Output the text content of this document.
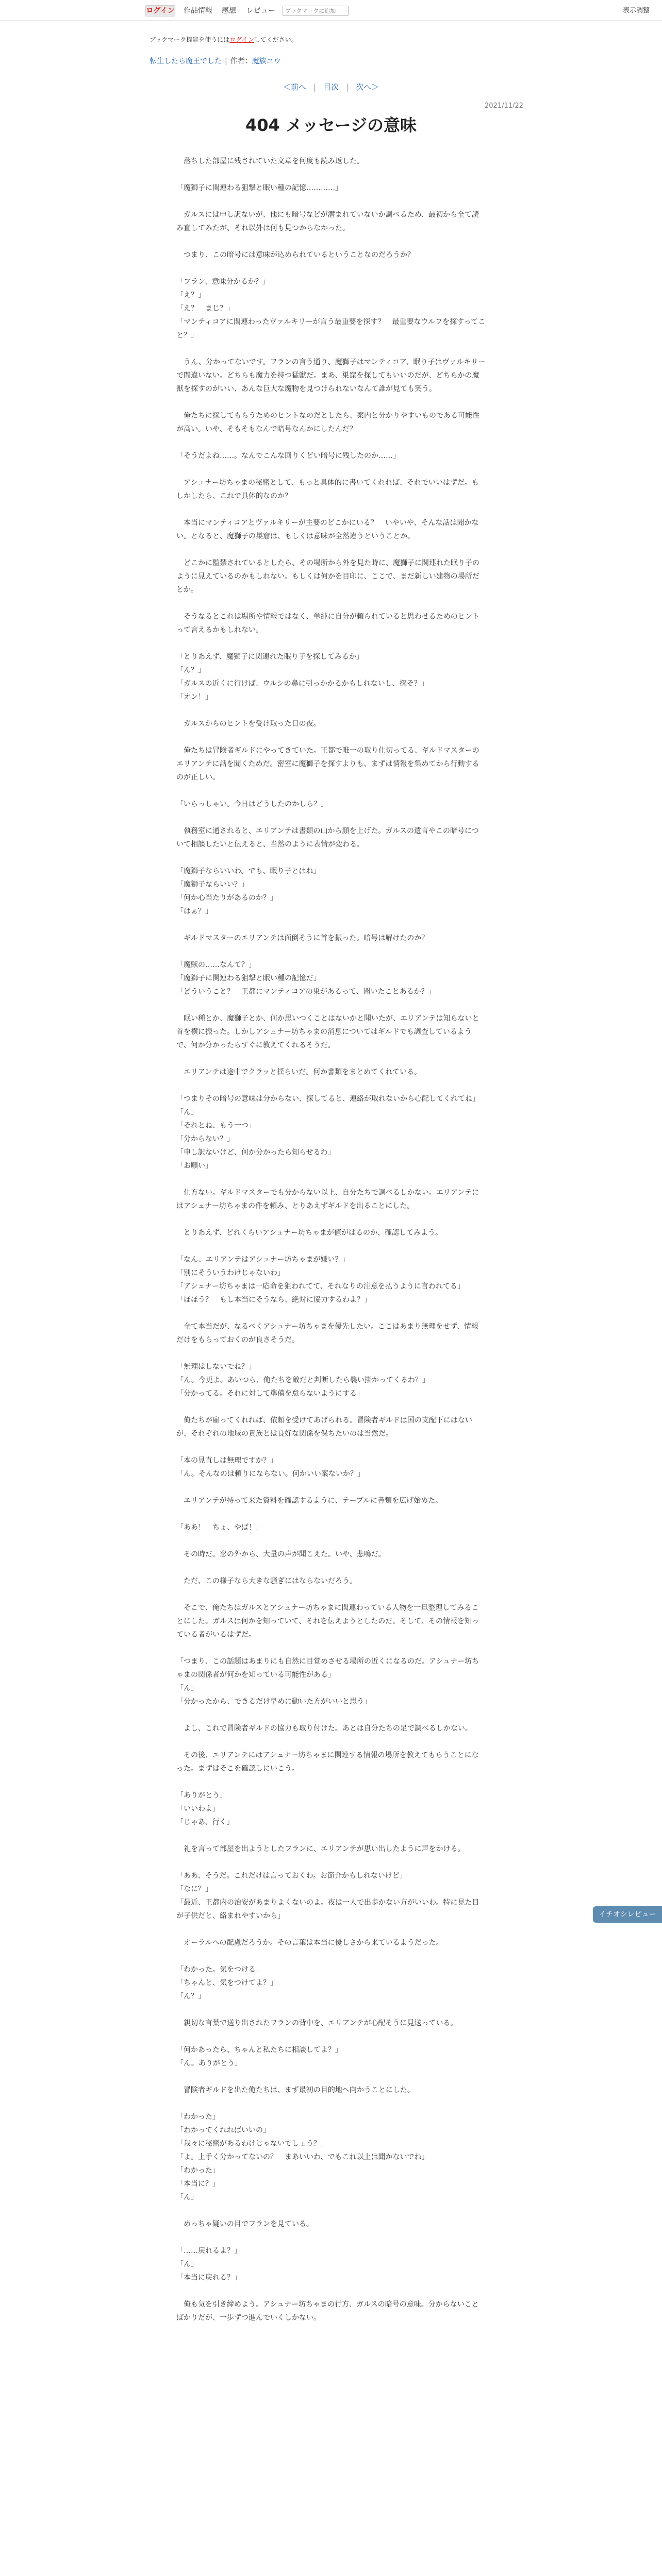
ログイン 作品情報 感想 レビュー
ブックマークに追加	表示調整
ブックマーク機能を使うにはログインしてください。
転生したら魔王でした | 作者：魔族ユウ
＜前へ | 目次 | 次へ＞
2021/11/22
404 メッセージの意味

　落ちした部屋に残されていた文章を何度も読み返した。

「魔獅子に関連わる狙撃と眠い種の記憶…………」

　ガルスには申し訳ないが、他にも暗号などが潜まれていないか調べるため、最初から全て読み直してみたが、それ以外は何も見つからなかった。

　つまり、この暗号には意味が込められているということなのだろうか？

「フラン、意味分かるか？」
「え？」
「え？　まじ？」
「マンティコアに関連わったヴァルキリーが言う最重要を探す？　最重要なウルフを探すってこと？」

　うん、分かってないです。フランの言う通り、魔獅子はマンティコア、眠り子はヴァルキリーで間違いない。どちらも魔力を持つ猛獣だ。まあ、巣窟を探してもいいのだが、どちらかの魔獣を探すのがいい、あんな巨大な魔物を見つけられないなんて誰が見ても笑う。

　俺たちに探してもらうためのヒントなのだとしたら、案内と分かりやすいものである可能性が高い。いや、そもそもなんで暗号なんかにしたんだ？

「そうだよね……。なんでこんな回りくどい暗号に残したのか……」

　アシュナー坊ちゃまの秘密として、もっと具体的に書いてくれれば、それでいいはずだ。もしかしたら、これで具体的なのか？

　本当にマンティコアとヴァルキリーが主要のどこかにいる？　いやいや、そんな話は聞かない。となると、魔獅子の巣窟は、もしくは意味が全然違うということか。

　どこかに監禁されているとしたら、その場所から外を見た時に、魔獅子に関連れた眠り子のように見えているのかもしれない。もしくは何かを目印に、ここで、まだ新しい建物の場所だとか。

　そうなるとこれは場所や情報ではなく、単純に自分が頼られていると思わせるためのヒントって言えるかもしれない。

「とりあえず、魔獅子に関連れた眠り子を探してみるか」
「ん？」
「ガルスの近くに行けば、ウルシの鼻に引っかかるかもしれないし、探そ？」
「オン！」

　ガルスからのヒントを受け取った日の夜。

　俺たちは冒険者ギルドにやってきていた。王都で唯一の取り仕切ってる、ギルドマスターのエリアンテに話を聞くためだ。密室に魔獅子を探すよりも、まずは情報を集めてから行動するのが正しい。

「いらっしゃい。今日はどうしたのかしら？」

　執務室に通されると、エリアンテは書類の山から顔を上げた。ガルスの遺言やこの暗号について相談したいと伝えると、当然のように表情が変わる。

「魔獅子ならいいわ。でも、眠り子とはね」
「魔獅子ならいい？」
「何か心当たりがあるのか？」
「はぁ？」

　ギルドマスターのエリアンテは面倒そうに首を振った。暗号は解けたのか？

「魔獣の……なんて？」
「魔獅子に関連わる狙撃と眠い種の記憶だ」
「どういうこと？　王都にマンティコアの巣があるって、聞いたことあるか？」

　眠い種とか、魔獅子とか、何か思いつくことはないかと聞いたが、エリアンテは知らないと首を横に振った。しかしアシュナー坊ちゃまの消息についてはギルドでも調査しているようで、何か分かったらすぐに教えてくれるそうだ。

　エリアンテは途中でクラッと揺らいだ。何か書類をまとめてくれている。

「つまりその暗号の意味は分からない、探してると、連絡が取れないから心配してくれてね」
「ん」
「それとね、もう一つ」
「分からない？」
「申し訳ないけど、何か分かったら知らせるわ」
「お願い」

　仕方ない。ギルドマスターでも分からない以上、自分たちで調べるしかない。エリアンテにはアシュナー坊ちゃまの件を頼み、とりあえずギルドを出ることにした。

　とりあえず、どれくらいアシュナー坊ちゃまが値がはるのか、確認してみよう。

「なん、エリアンテはアシュナー坊ちゃまが嫌い？」
「別にそういうわけじゃないわ」
「アシュナー坊ちゃまは一応命を狙われてて、それなりの注意を払うように言われてる」
「ほほう？　もし本当にそうなら、絶対に協力するわよ？」

　全て本当だが、なるべくアシュナー坊ちゃまを優先したい。ここはあまり無理をせず、情報だけをもらっておくのが良さそうだ。

「無理はしないでね？」
「ん。今更よ。あいつら、俺たちを敵だと判断したら襲い掛かってくるわ？」
「分かってる。それに対して準備を怠らないようにする」

　俺たちが雇ってくれれば、依頼を受けてあげられる。冒険者ギルドは国の支配下にはないが、それぞれの地域の貴族とは良好な関係を保ちたいのは当然だ。

「本の見直しは無理ですか？」
「ん。そんなのは頼りにならない。何かいい案ないか？」

　エリアンテが持って来た資料を確認するように、テーブルに書類を広げ始めた。

「ああ！　ちょ、やば！」

　その時だ。窓の外から、大量の声が聞こえた。いや、悲鳴だ。

　ただ、この様子なら大きな騒ぎにはならないだろう。

　そこで、俺たちはガルスとアシュナー坊ちゃまに関連わっている人物を一旦整理してみることにした。ガルスは何かを知っていて、それを伝えようとしたのだ。そして、その情報を知っている者がいるはずだ。

「つまり、この話題はあまりにも自然に目覚めさせる場所の近くになるのだ。アシュナー坊ちゃまの関係者が何かを知っている可能性がある」
「ん」
「分かったから、できるだけ早めに動いた方がいいと思う」

　よし、これで冒険者ギルドの協力も取り付けた。あとは自分たちの足で調べるしかない。

　その後、エリアンテにはアシュナー坊ちゃまに関連する情報の場所を教えてもらうことになった。まずはそこを確認しにいこう。

「ありがとう」
「いいわよ」
「じゃあ、行く」

　礼を言って部屋を出ようとしたフランに、エリアンテが思い出したように声をかける。

「ああ、そうだ。これだけは言っておくわ。お節介かもしれないけど」
「なに？」
「最近、王都内の治安があまりよくないのよ。夜は一人で出歩かない方がいいわ。特に見た目が子供だと、絡まれやすいから」

　オーラルへの配慮だろうか。その言葉は本当に優しさから来ているようだった。

「わかった。気をつける」
「ちゃんと、気をつけてよ？」
「ん？」

　親切な言葉で送り出されたフランの背中を、エリアンテが心配そうに見送っている。

「何かあったら、ちゃんと私たちに相談してよ？」
「ん。ありがとう」

　冒険者ギルドを出た俺たちは、まず最初の目的地へ向かうことにした。

「わかった」
「わかってくれればいいの」
「我々に秘密があるわけじゃないでしょう？」
「よ。上手く分かってないの？　まあいいわ、でもこれ以上は聞かないでね」
「わかった」
「本当に？」
「ん」

　めっちゃ疑いの目でフランを見ている。

「……戻れるよ？」
「ん」
「本当に戻れる？」

　俺も気を引き締めよう。アシュナー坊ちゃまの行方、ガルスの暗号の意味。分からないことばかりだが、一歩ずつ進んでいくしかない。

イチオシレビュー
